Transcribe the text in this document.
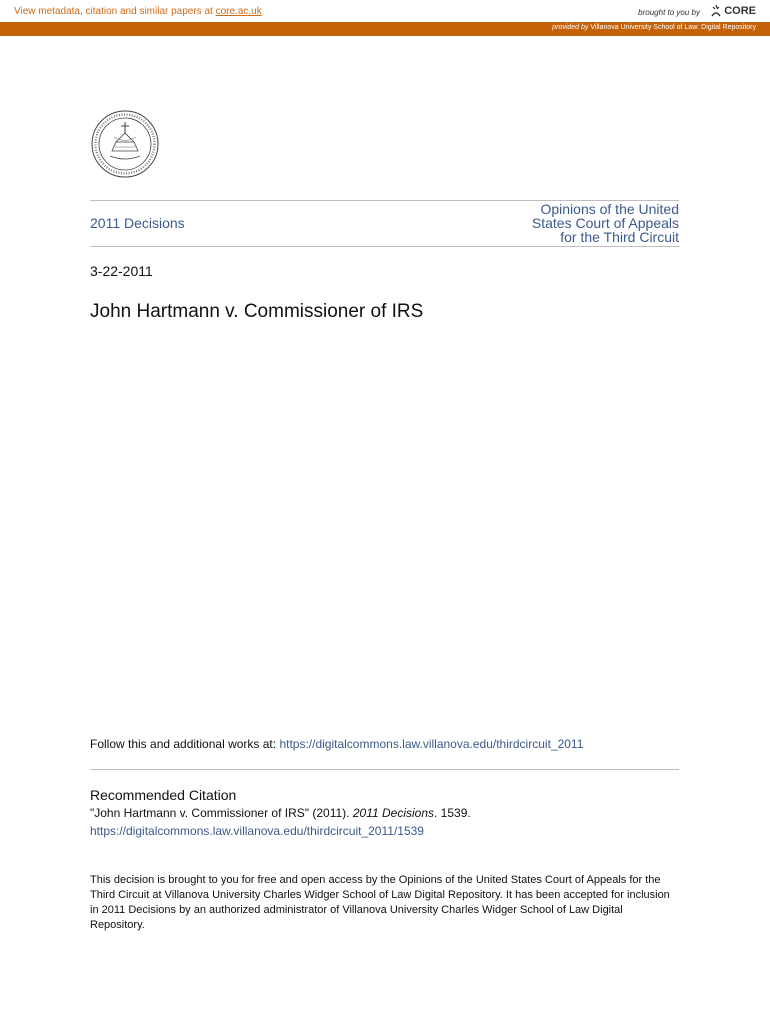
View metadata, citation and similar papers at core.ac.uk	brought to you by CORE
provided by Villanova University School of Law: Digital Repository
2011 Decisions
Opinions of the United
States Court of Appeals
for the Third Circuit
3-22-2011
John Hartmann v. Commissioner of IRS
Follow this and additional works at: https://digitalcommons.law.villanova.edu/thirdcircuit_2011
Recommended Citation
"John Hartmann v. Commissioner of IRS" (2011). 2011 Decisions. 1539.
https://digitalcommons.law.villanova.edu/thirdcircuit_2011/1539
This decision is brought to you for free and open access by the Opinions of the United States Court of Appeals for the Third Circuit at Villanova University Charles Widger School of Law Digital Repository. It has been accepted for inclusion in 2011 Decisions by an authorized administrator of Villanova University Charles Widger School of Law Digital Repository.
